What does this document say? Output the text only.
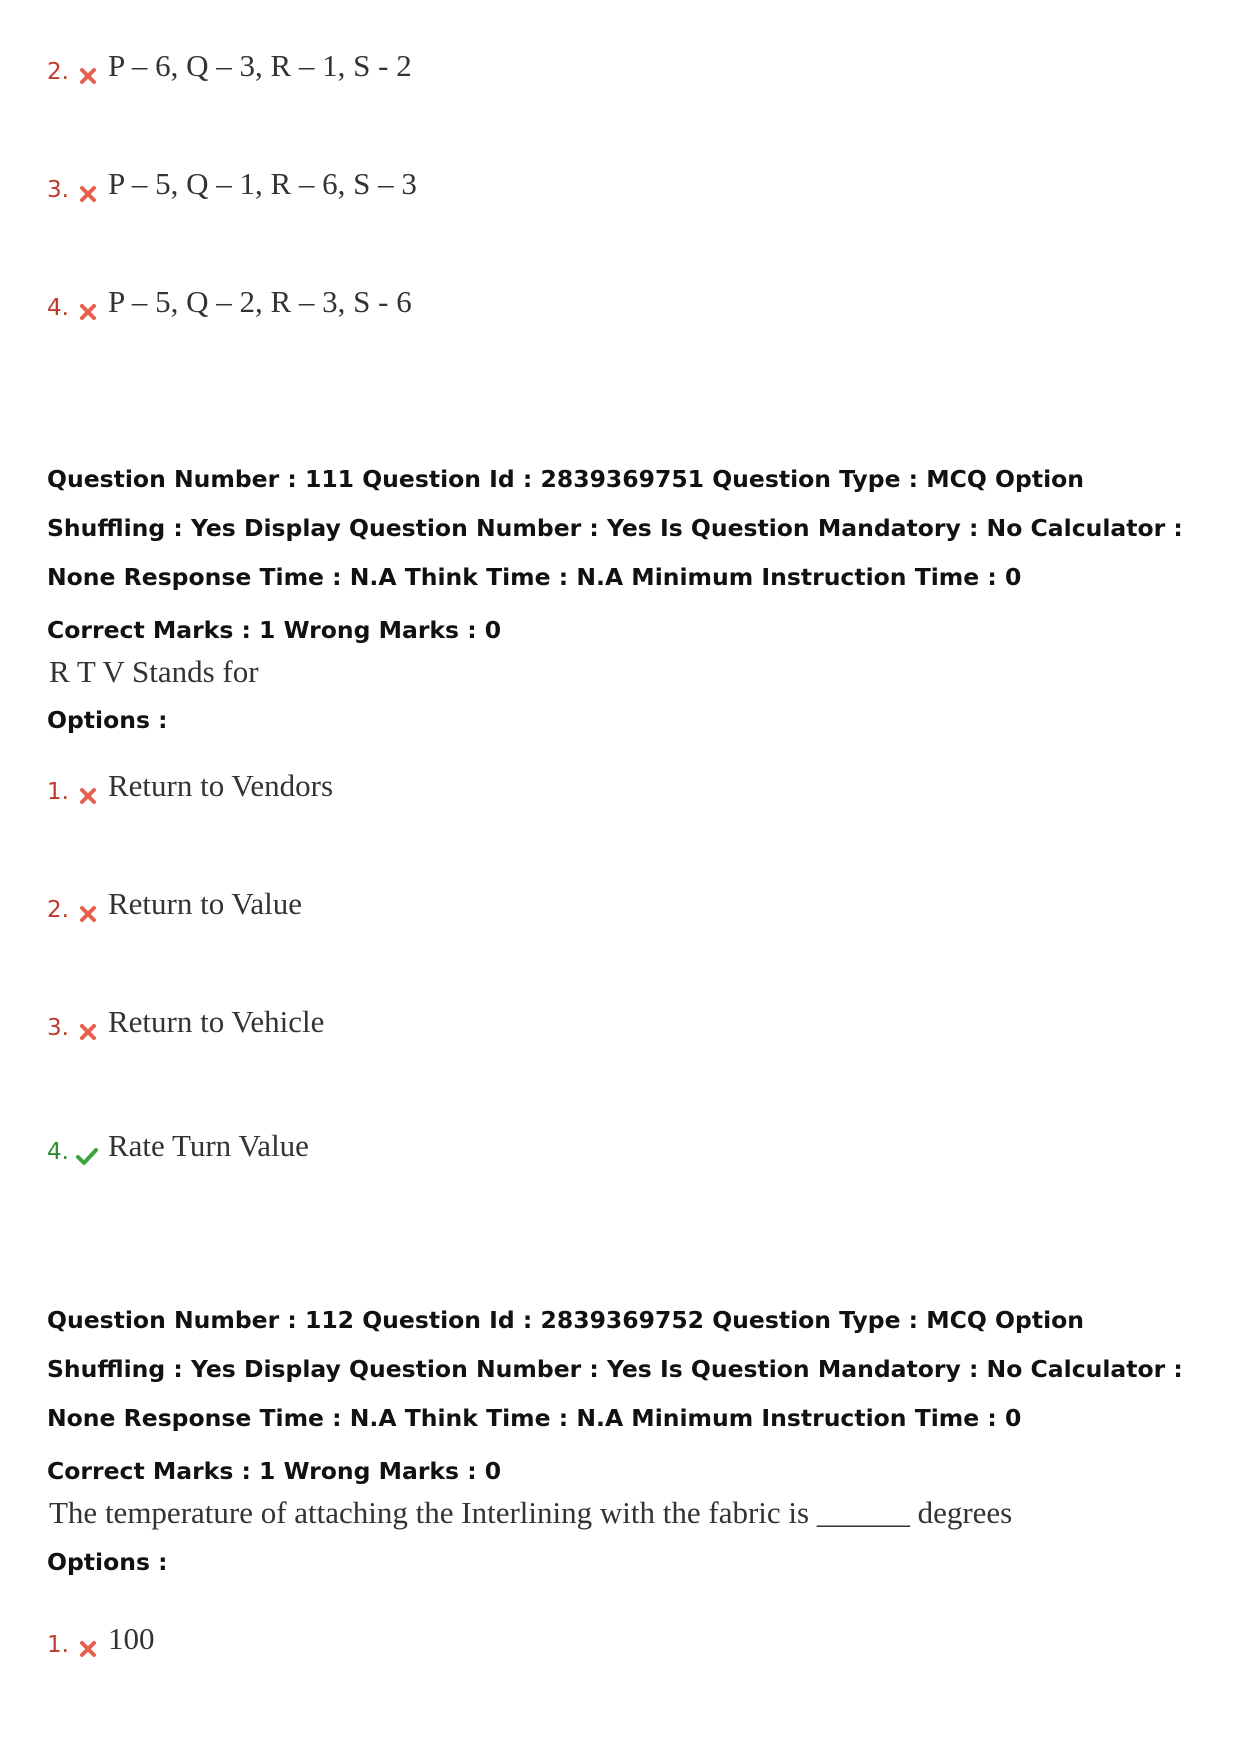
2. P – 6, Q – 3, R – 1, S - 2
3. P – 5, Q – 1, R – 6, S – 3
4. P – 5, Q – 2, R – 3, S - 6
Question Number : 111 Question Id : 2839369751 Question Type : MCQ Option Shuffling : Yes Display Question Number : Yes Is Question Mandatory : No Calculator : None Response Time : N.A Think Time : N.A Minimum Instruction Time : 0
Correct Marks : 1 Wrong Marks : 0
R T V Stands for
Options :
1. Return to Vendors
2. Return to Value
3. Return to Vehicle
4. Rate Turn Value
Question Number : 112 Question Id : 2839369752 Question Type : MCQ Option Shuffling : Yes Display Question Number : Yes Is Question Mandatory : No Calculator : None Response Time : N.A Think Time : N.A Minimum Instruction Time : 0
Correct Marks : 1 Wrong Marks : 0
The temperature of attaching the Interlining with the fabric is ______ degrees
Options :
1. 100
